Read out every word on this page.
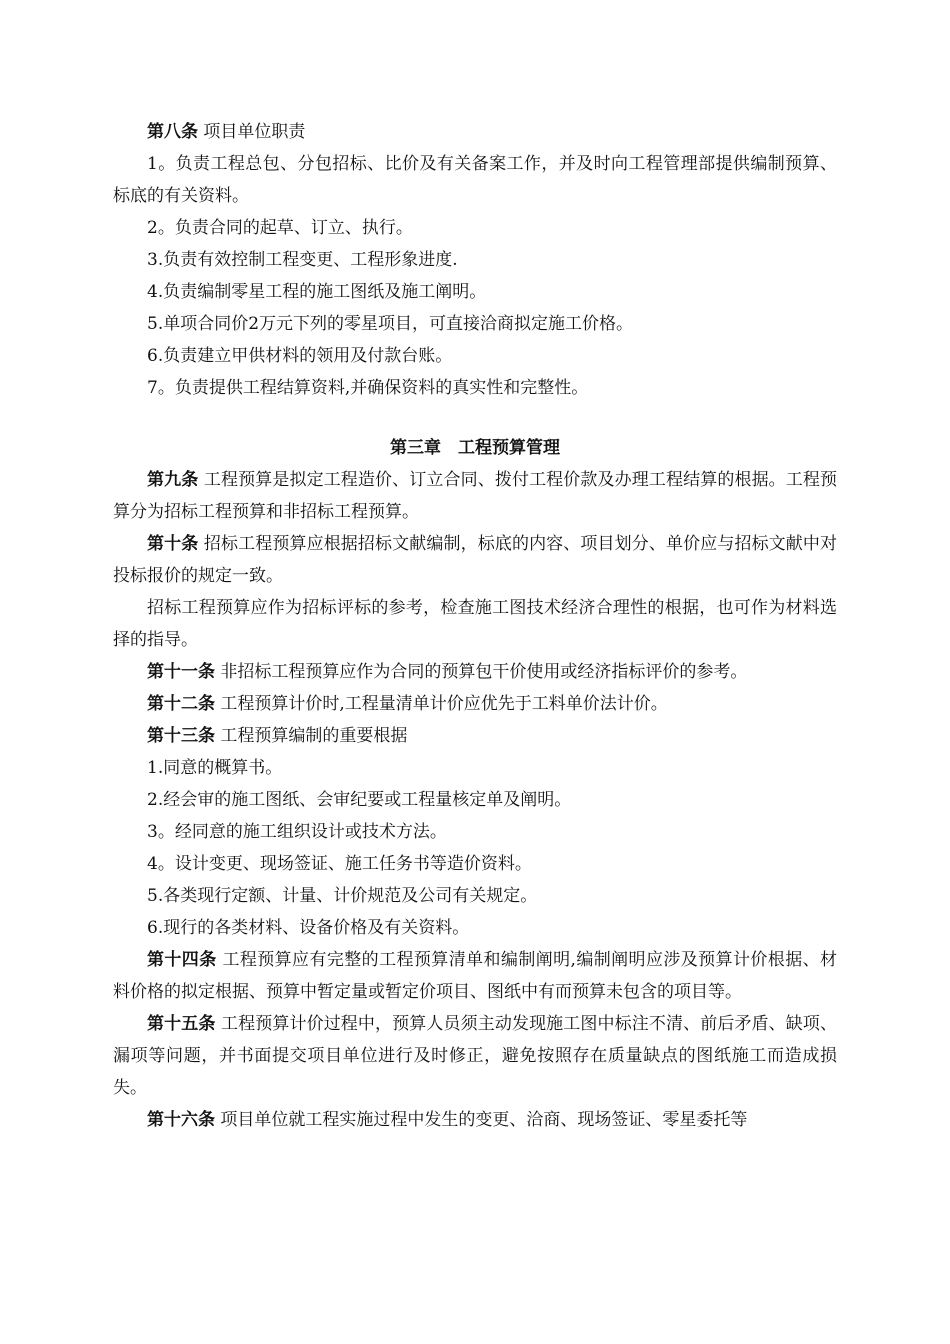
第八条 项目单位职责

1。负责工程总包、分包招标、比价及有关备案工作，并及时向工程管理部提供编制预算、标底的有关资料。

2。负责合同的起草、订立、执行。

3.负责有效控制工程变更、工程形象进度.

4.负责编制零星工程的施工图纸及施工阐明。

5.单项合同价2万元下列的零星项目，可直接洽商拟定施工价格。

6.负责建立甲供材料的领用及付款台账。

7。负责提供工程结算资料,并确保资料的真实性和完整性。

第三章　工程预算管理

第九条 工程预算是拟定工程造价、订立合同、拨付工程价款及办理工程结算的根据。工程预算分为招标工程预算和非招标工程预算。

第十条 招标工程预算应根据招标文献编制，标底的内容、项目划分、单价应与招标文献中对投标报价的规定一致。

招标工程预算应作为招标评标的参考，检查施工图技术经济合理性的根据，也可作为材料选择的指导。

第十一条 非招标工程预算应作为合同的预算包干价使用或经济指标评价的参考。

第十二条 工程预算计价时,工程量清单计价应优先于工料单价法计价。

第十三条 工程预算编制的重要根据

1.同意的概算书。

2.经会审的施工图纸、会审纪要或工程量核定单及阐明。

3。经同意的施工组织设计或技术方法。

4。设计变更、现场签证、施工任务书等造价资料。

5.各类现行定额、计量、计价规范及公司有关规定。

6.现行的各类材料、设备价格及有关资料。

第十四条 工程预算应有完整的工程预算清单和编制阐明,编制阐明应涉及预算计价根据、材料价格的拟定根据、预算中暂定量或暂定价项目、图纸中有而预算未包含的项目等。

第十五条 工程预算计价过程中，预算人员须主动发现施工图中标注不清、前后矛盾、缺项、漏项等问题，并书面提交项目单位进行及时修正，避免按照存在质量缺点的图纸施工而造成损失。

第十六条 项目单位就工程实施过程中发生的变更、洽商、现场签证、零星委托等
